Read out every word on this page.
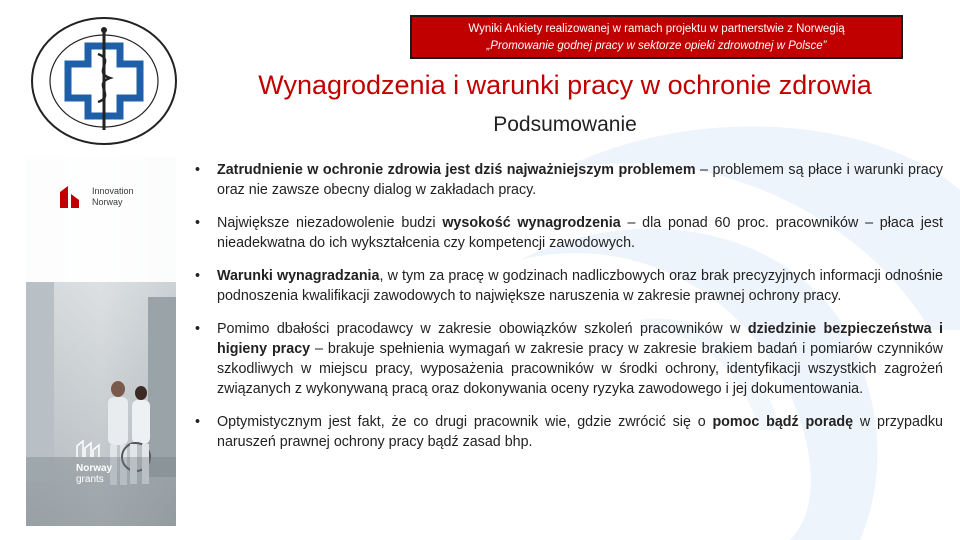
Wyniki Ankiety realizowanej w ramach projektu w partnerstwie z Norwegią
„Promowanie godnej pracy w sektorze opieki zdrowotnej w Polsce”
Wynagrodzenia i warunki pracy w ochronie zdrowia
Podsumowanie
Innovation
Norway
Norway
grants
• Zatrudnienie w ochronie zdrowia jest dziś najważniejszym problemem – problemem są płace i warunki pracy oraz nie zawsze obecny dialog w zakładach pracy.
• Największe niezadowolenie budzi wysokość wynagrodzenia – dla ponad 60 proc. pracowników – płaca jest nieadekwatna do ich wykształcenia czy kompetencji zawodowych.
• Warunki wynagradzania, w tym za pracę w godzinach nadliczbowych oraz brak precyzyjnych informacji odnośnie podnoszenia kwalifikacji zawodowych to największe naruszenia w zakresie prawnej ochrony pracy.
• Pomimo dbałości pracodawcy w zakresie obowiązków szkoleń pracowników w dziedzinie bezpieczeństwa i higieny pracy – brakuje spełnienia wymagań w zakresie pracy w zakresie brakiem badań i pomiarów czynników szkodliwych w miejscu pracy, wyposażenia pracowników w środki ochrony, identyfikacji wszystkich zagrożeń związanych z wykonywaną pracą oraz dokonywania oceny ryzyka zawodowego i jej dokumentowania.
• Optymistycznym jest fakt, że co drugi pracownik wie, gdzie zwrócić się o pomoc bądź poradę w przypadku naruszeń prawnej ochrony pracy bądź zasad bhp.
